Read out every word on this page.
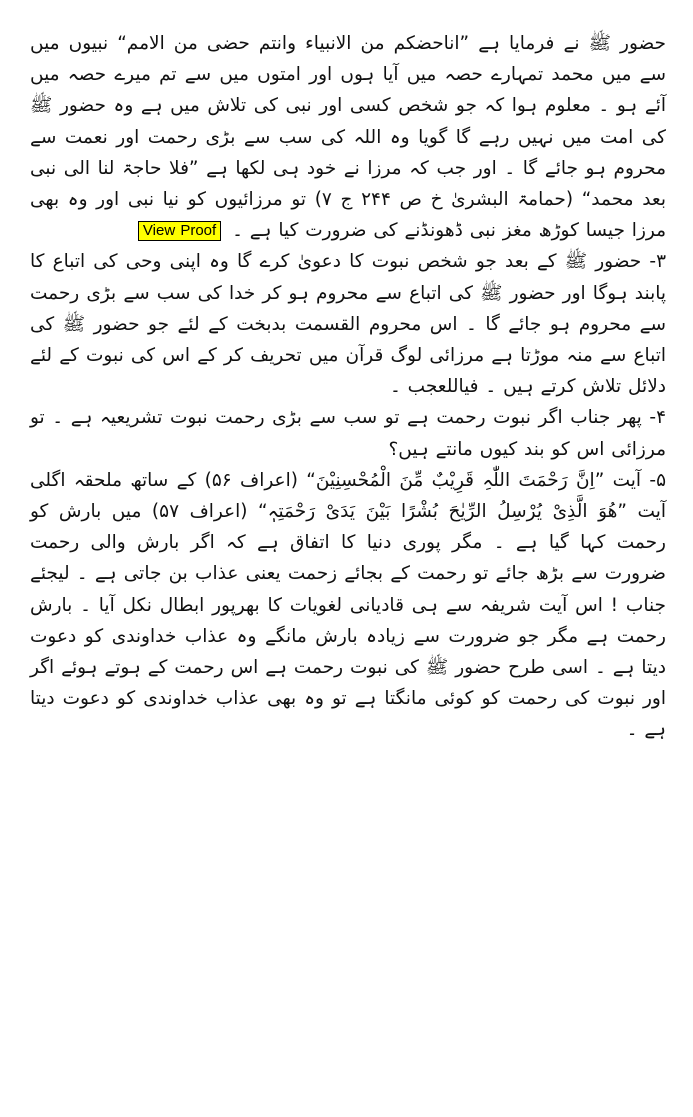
حضور ﷺ نے فرمایا ہے ”اناحضکم من الانبیاء وانتم حضی من الامم“ نبیوں میں سے میں محمد تمہارے حصہ میں آیا ہوں اور امتوں میں سے تم میرے حصہ میں آئے ہو ۔ معلوم ہوا کہ جو شخص کسی اور نبی کی تلاش میں ہے وہ حضور ﷺ کی امت میں نہیں رہے گا گویا وہ اللہ کی سب سے بڑی رحمت اور نعمت سے محروم ہو جائے گا ۔ اور جب کہ مرزا نے خود ہی لکھا ہے ”فلا حاجۃ لنا الی نبی بعد محمد“ (حمامۃ البشریٰ خ ص ۲۴۴ ج ۷) تو مرزائیوں کو نیا نبی اور وہ بھی مرزا جیسا کوڑھ مغز نبی ڈھونڈنے کی ضرورت کیا ہے ۔ View Proof

۳- حضور ﷺ کے بعد جو شخص نبوت کا دعویٰ کرے گا وہ اپنی وحی کی اتباع کا پابند ہوگا اور حضور ﷺ کی اتباع سے محروم ہو کر خدا کی سب سے بڑی رحمت سے محروم ہو جائے گا ۔ اس محروم القسمت بدبخت کے لئے جو حضور ﷺ کی اتباع سے منہ موڑتا ہے مرزائی لوگ قرآن میں تحریف کر کے اس کی نبوت کے لئے دلائل تلاش کرتے ہیں ۔ فیاللعجب ۔

۴- پھر جناب اگر نبوت رحمت ہے تو سب سے بڑی رحمت نبوت تشریعیہ ہے ۔ تو مرزائی اس کو بند کیوں مانتے ہیں؟

۵- آیت ”اِنَّ رَحْمَتَ اللّٰہِ قَرِیْبٌ مِّنَ الْمُحْسِنِیْنَ“ (اعراف ۵۶) کے ساتھ ملحقہ اگلی آیت ”ھُوَ الَّذِیْ یُرْسِلُ الرِّیٰحَ بُشْرًا بَیْنَ یَدَیْ رَحْمَتِہٖ“ (اعراف ۵۷) میں بارش کو رحمت کہا گیا ہے ۔ مگر پوری دنیا کا اتفاق ہے کہ اگر بارش والی رحمت ضرورت سے بڑھ جائے تو رحمت کے بجائے زحمت یعنی عذاب بن جاتی ہے ۔ لیجئے جناب ! اس آیت شریفہ سے ہی قادیانی لغویات کا بھرپور ابطال نکل آیا ۔ بارش رحمت ہے مگر جو ضرورت سے زیادہ بارش مانگے وہ عذاب خداوندی کو دعوت دیتا ہے ۔ اسی طرح حضور ﷺ کی نبوت رحمت ہے اس رحمت کے ہوتے ہوئے اگر اور نبوت کی رحمت کو کوئی مانگتا ہے تو وہ بھی عذاب خداوندی کو دعوت دیتا ہے ۔
